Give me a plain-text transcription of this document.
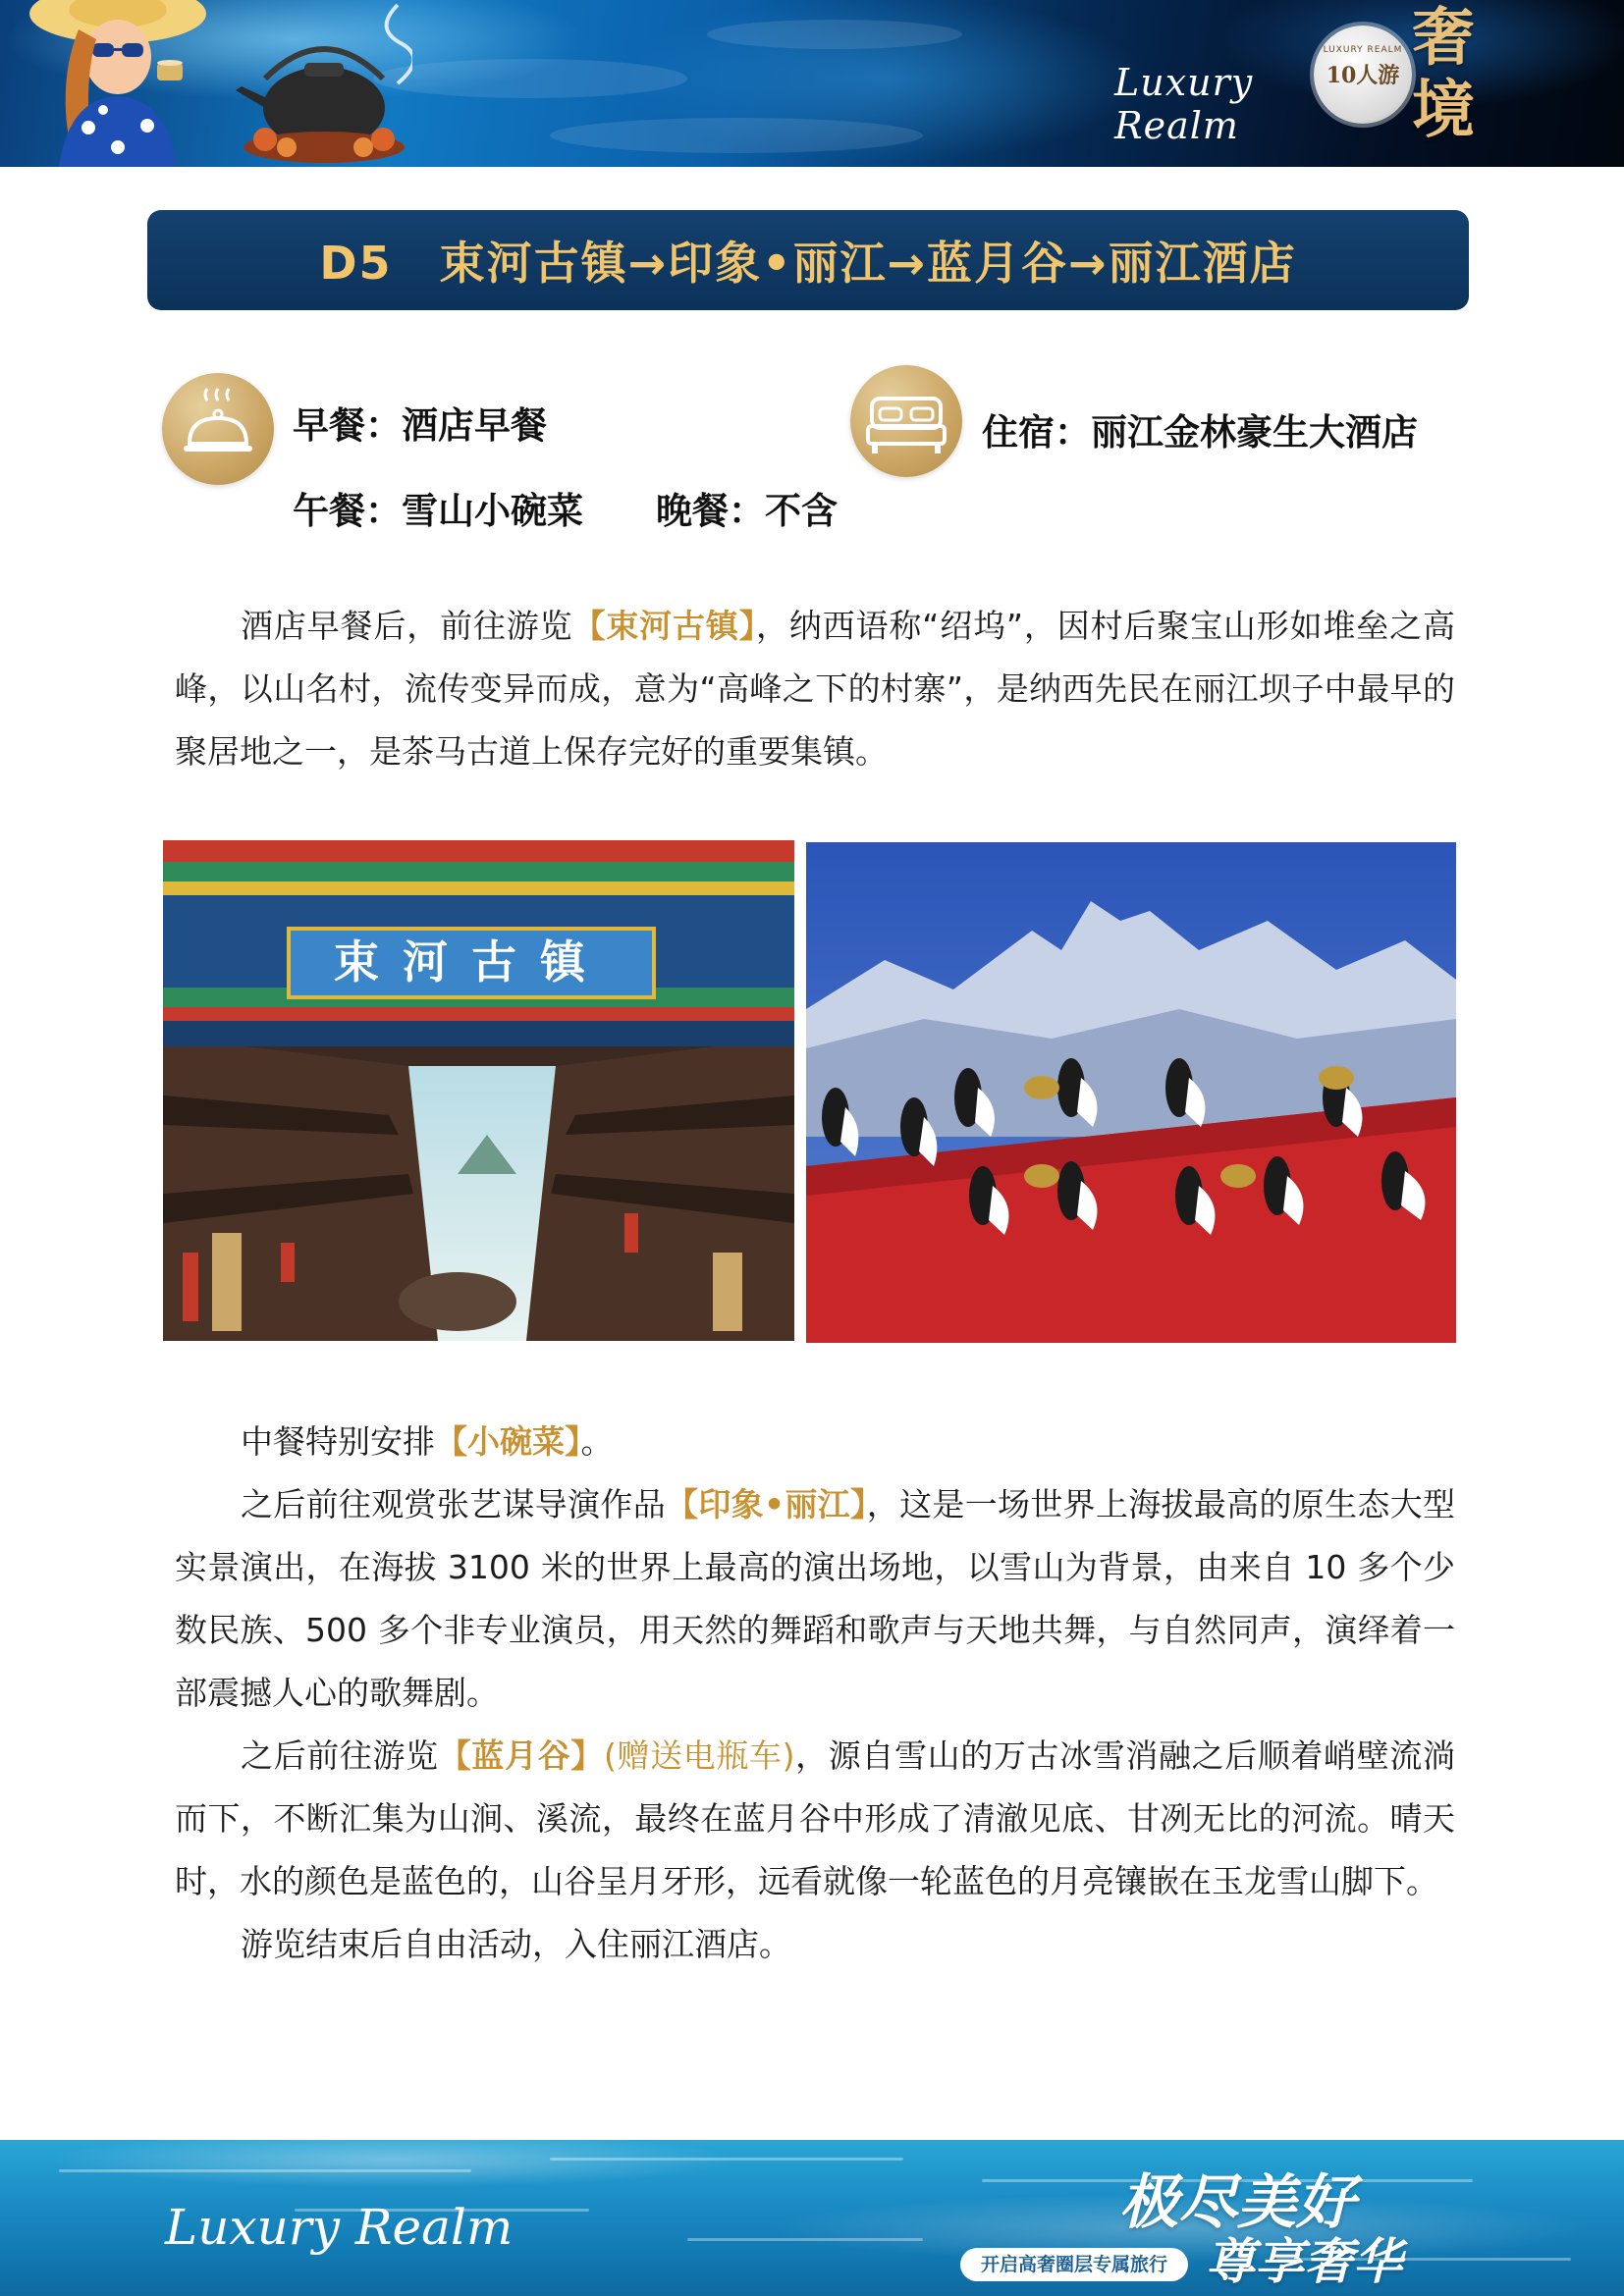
Luxury Realm
LUXURY REALM
10人游
奢境
D5　束河古镇→印象•丽江→蓝月谷→丽江酒店
早餐：酒店早餐
午餐：雪山小碗菜 晚餐：不含
住宿：丽江金林豪生大酒店
酒店早餐后，前往游览【束河古镇】，纳西语称“绍坞”，因村后聚宝山形如堆垒之高峰，以山名村，流传变异而成，意为“高峰之下的村寨”，是纳西先民在丽江坝子中最早的聚居地之一，是茶马古道上保存完好的重要集镇。
束河古镇
中餐特别安排【小碗菜】。
之后前往观赏张艺谋导演作品【印象•丽江】，这是一场世界上海拔最高的原生态大型实景演出，在海拔 3100 米的世界上最高的演出场地，以雪山为背景，由来自 10 多个少数民族、500 多个非专业演员，用天然的舞蹈和歌声与天地共舞，与自然同声，演绎着一部震撼人心的歌舞剧。
之后前往游览【蓝月谷】(赠送电瓶车)，源自雪山的万古冰雪消融之后顺着峭壁流淌而下，不断汇集为山涧、溪流，最终在蓝月谷中形成了清澈见底、甘冽无比的河流。晴天时，水的颜色是蓝色的，山谷呈月牙形，远看就像一轮蓝色的月亮镶嵌在玉龙雪山脚下。
游览结束后自由活动，入住丽江酒店。
Luxury Realm
开启高奢圈层专属旅行
极尽美好
尊享奢华
